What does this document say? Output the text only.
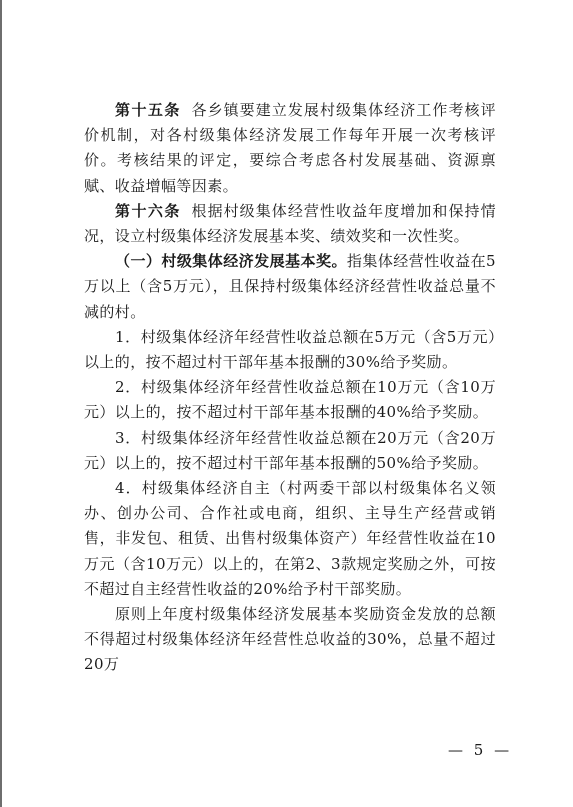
第十五条 各乡镇要建立发展村级集体经济工作考核评价机制，对各村级集体经济发展工作每年开展一次考核评价。考核结果的评定，要综合考虑各村发展基础、资源禀赋、收益增幅等因素。

第十六条 根据村级集体经营性收益年度增加和保持情况，设立村级集体经济发展基本奖、绩效奖和一次性奖。

（一）村级集体经济发展基本奖。指集体经营性收益在5万以上（含5万元），且保持村级集体经济经营性收益总量不减的村。

1．村级集体经济年经营性收益总额在5万元（含5万元）以上的，按不超过村干部年基本报酬的30%给予奖励。

2．村级集体经济年经营性收益总额在10万元（含10万元）以上的，按不超过村干部年基本报酬的40%给予奖励。

3．村级集体经济年经营性收益总额在20万元（含20万元）以上的，按不超过村干部年基本报酬的50%给予奖励。

4．村级集体经济自主（村两委干部以村级集体名义领办、创办公司、合作社或电商，组织、主导生产经营或销售，非发包、租赁、出售村级集体资产）年经营性收益在10万元（含10万元）以上的，在第2、3款规定奖励之外，可按不超过自主经营性收益的20%给予村干部奖励。

原则上年度村级集体经济发展基本奖励资金发放的总额不得超过村级集体经济年经营性总收益的30%，总量不超过20万

— 5 —
